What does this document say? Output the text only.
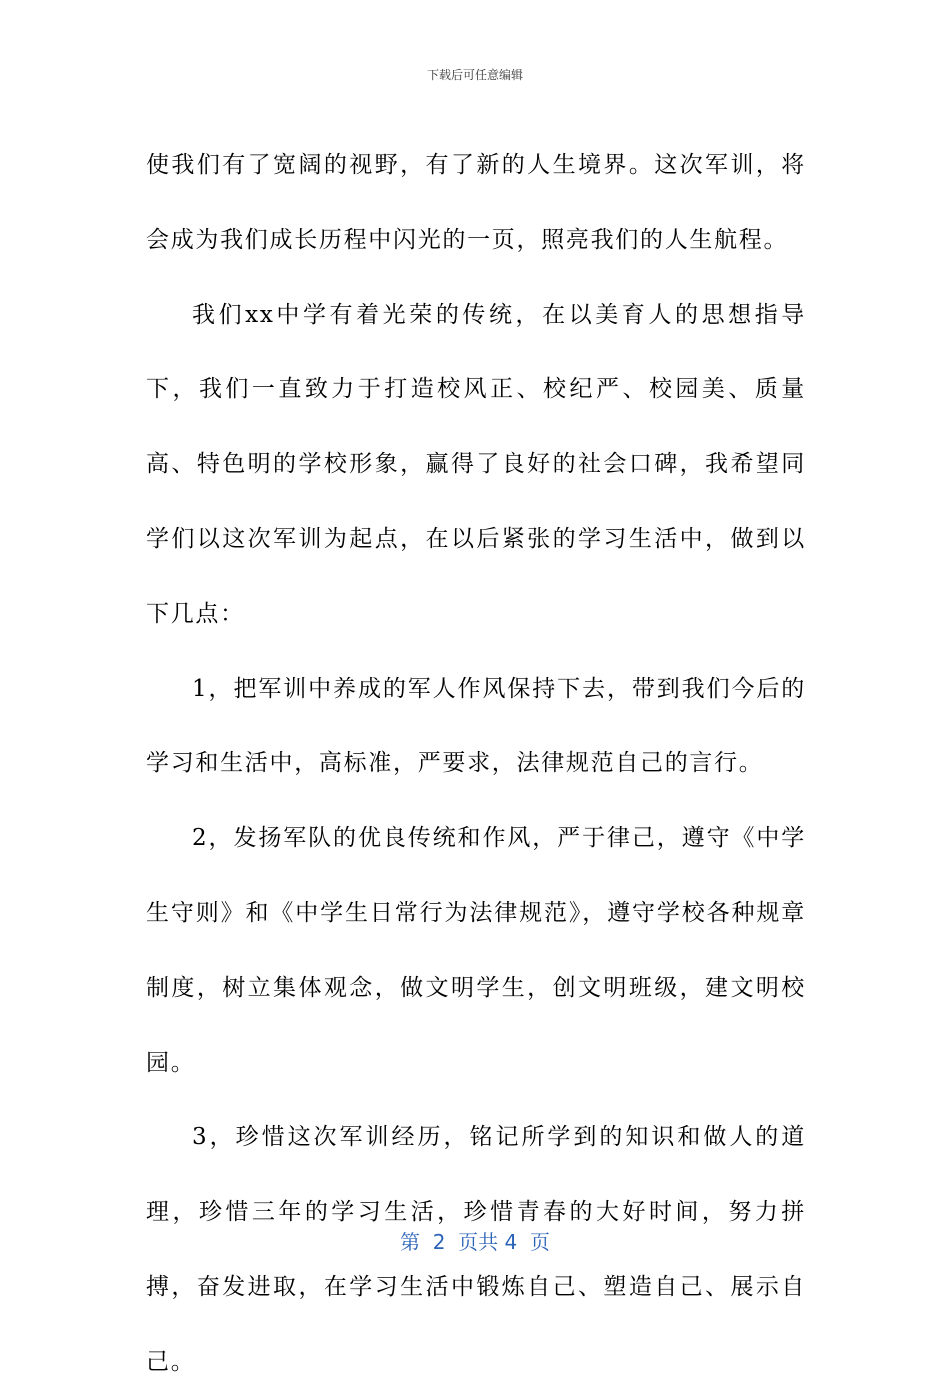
下载后可任意编辑

使我们有了宽阔的视野，有了新的人生境界。这次军训，将会成为我们成长历程中闪光的一页，照亮我们的人生航程。

我们xx中学有着光荣的传统，在以美育人的思想指导下，我们一直致力于打造校风正、校纪严、校园美、质量高、特色明的学校形象，赢得了良好的社会口碑，我希望同学们以这次军训为起点，在以后紧张的学习生活中，做到以下几点：

1，把军训中养成的军人作风保持下去，带到我们今后的学习和生活中，高标准，严要求，法律规范自己的言行。

2，发扬军队的优良传统和作风，严于律己，遵守《中学生守则》和《中学生日常行为法律规范》，遵守学校各种规章制度，树立集体观念，做文明学生，创文明班级，建文明校园。

3，珍惜这次军训经历，铭记所学到的知识和做人的道理，珍惜三年的学习生活，珍惜青春的大好时间，努力拼搏，奋发进取，在学习生活中锻炼自己、塑造自己、展示自己。

第  2  页共 4  页
